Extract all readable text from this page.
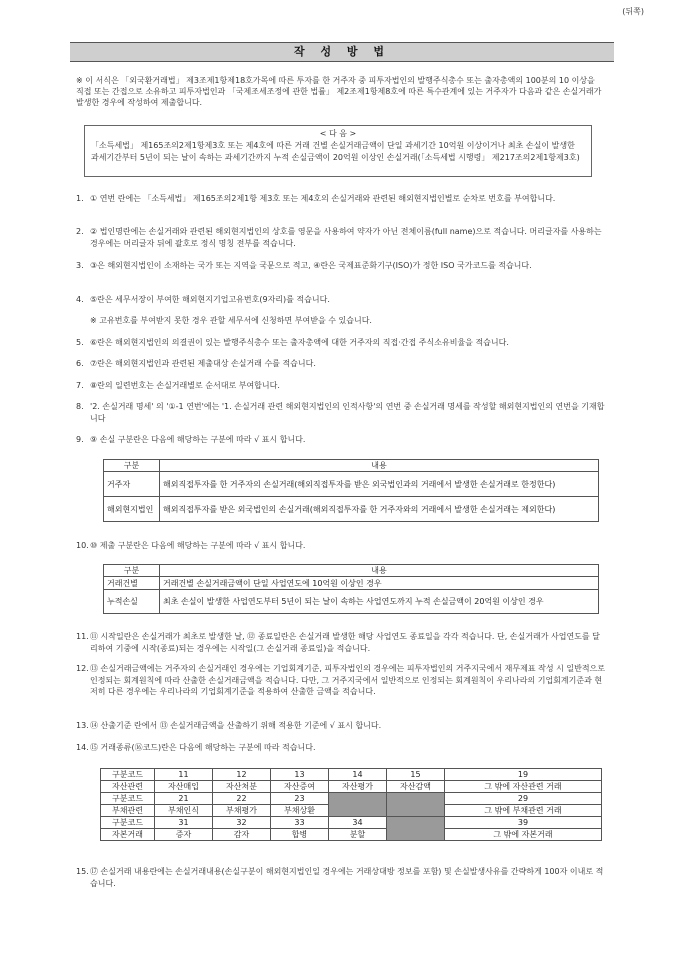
(뒤쪽)
작 성 방 법
※ 이 서식은 「외국환거래법」 제3조제1항제18호가목에 따른 투자를 한 거주자 중 피투자법인의 발행주식총수 또는 출자총액의 100분의 10 이상을 직접 또는 간접으로 소유하고 피투자법인과 「국제조세조정에 관한 법률」 제2조제1항제8호에 따른 특수관계에 있는 거주자가 다음과 같은 손실거래가 발생한 경우에 작성하여 제출합니다.
< 다 음 >
「소득세법」 제165조의2제1항제3호 또는 제4호에 따른 거래 건별 손실거래금액이 단일 과세기간 10억원 이상이거나 최초 손실이 발생한 과세기간부터 5년이 되는 날이 속하는 과세기간까지 누적 손실금액이 20억원 이상인 손실거래(「소득세법 시행령」 제217조의2제1항제3호)
1. ① 연번 란에는 「소득세법」 제165조의2제1항 제3호 또는 제4호의 손실거래와 관련된 해외현지법인별로 순차로 번호를 부여합니다.
2. ② 법인명란에는 손실거래와 관련된 해외현지법인의 상호를 영문을 사용하여 약자가 아닌 전체이름(full name)으로 적습니다. 머리글자를 사용하는 경우에는 머리글자 뒤에 괄호로 정식 명칭 전부를 적습니다.
3. ③은 해외현지법인이 소재하는 국가 또는 지역을 국문으로 적고, ④란은 국제표준화기구(ISO)가 정한 ISO 국가코드를 적습니다.
4. ⑤란은 세무서장이 부여한 해외현지기업고유번호(9자리)를 적습니다.
※ 고유번호를 부여받지 못한 경우 관할 세무서에 신청하면 부여받을 수 있습니다.
5. ⑥란은 해외현지법인의 의결권이 있는 발행주식총수 또는 출자총액에 대한 거주자의 직접·간접 주식소유비율을 적습니다.
6. ⑦란은 해외현지법인과 관련된 제출대상 손실거래 수를 적습니다.
7. ⑧란의 일련번호는 손실거래별로 순서대로 부여합니다.
8. '2. 손실거래 명세' 의 '①-1 연번'에는 '1. 손실거래 관련 해외현지법인의 인적사항'의 연번 중 손실거래 명세를 작성할 해외현지법인의 연번을 기재합니다
9. ⑨ 손실 구분란은 다음에 해당하는 구분에 따라 √ 표시 합니다.
구분	내용
거주자	해외직접투자를 한 거주자의 손실거래(해외직접투자를 받은 외국법인과의 거래에서 발생한 손실거래로 한정한다)
해외현지법인	해외직접투자를 받은 외국법인의 손실거래(해외직접투자를 한 거주자와의 거래에서 발생한 손실거래는 제외한다)
10. ⑩ 제출 구분란은 다음에 해당하는 구분에 따라 √ 표시 합니다.
구분	내용
거래건별	거래건별 손실거래금액이 단일 사업연도에 10억원 이상인 경우
누적손실	최초 손실이 발생한 사업연도부터 5년이 되는 날이 속하는 사업연도까지 누적 손실금액이 20억원 이상인 경우
11. ⑪ 시작일란은 손실거래가 최초로 발생한 날, ⑫ 종료일란은 손실거래 발생한 해당 사업연도 종료일을 각각 적습니다. 단, 손실거래가 사업연도를 달리하여 기중에 시작(종료)되는 경우에는 시작일(그 손실거래 종료일)을 적습니다.
12. ⑬ 손실거래금액에는 거주자의 손실거래인 경우에는 기업회계기준, 피투자법인의 경우에는 피투자법인의 거주지국에서 재무제표 작성 시 일반적으로 인정되는 회계원칙에 따라 산출한 손실거래금액을 적습니다. 다만, 그 거주지국에서 일반적으로 인정되는 회계원칙이 우리나라의 기업회계기준과 현저히 다른 경우에는 우리나라의 기업회계기준을 적용하여 산출한 금액을 적습니다.
13. ⑭ 산출기준 란에서 ⑬ 손실거래금액을 산출하기 위해 적용한 기준에 √ 표시 합니다.
14. ⑮ 거래종류(⑯코드)란은 다음에 해당하는 구분에 따라 적습니다.
구분코드	11	12	13	14	15	19
자산관련	자산매입	자산처분	자산증여	자산평가	자산감액	그 밖에 자산관련 거래
구분코드	21	22	23			29
부채관련	부채인식	부채평가	부채상환			그 밖에 부채관련 거래
구분코드	31	32	33	34		39
자본거래	증자	감자	합병	분할		그 밖에 자본거래
15. ⑰ 손실거래 내용란에는 손실거래내용(손실구분이 해외현지법인일 경우에는 거래상대방 정보를 포함) 및 손실발생사유를 간략하게 100자 이내로 적습니다.
